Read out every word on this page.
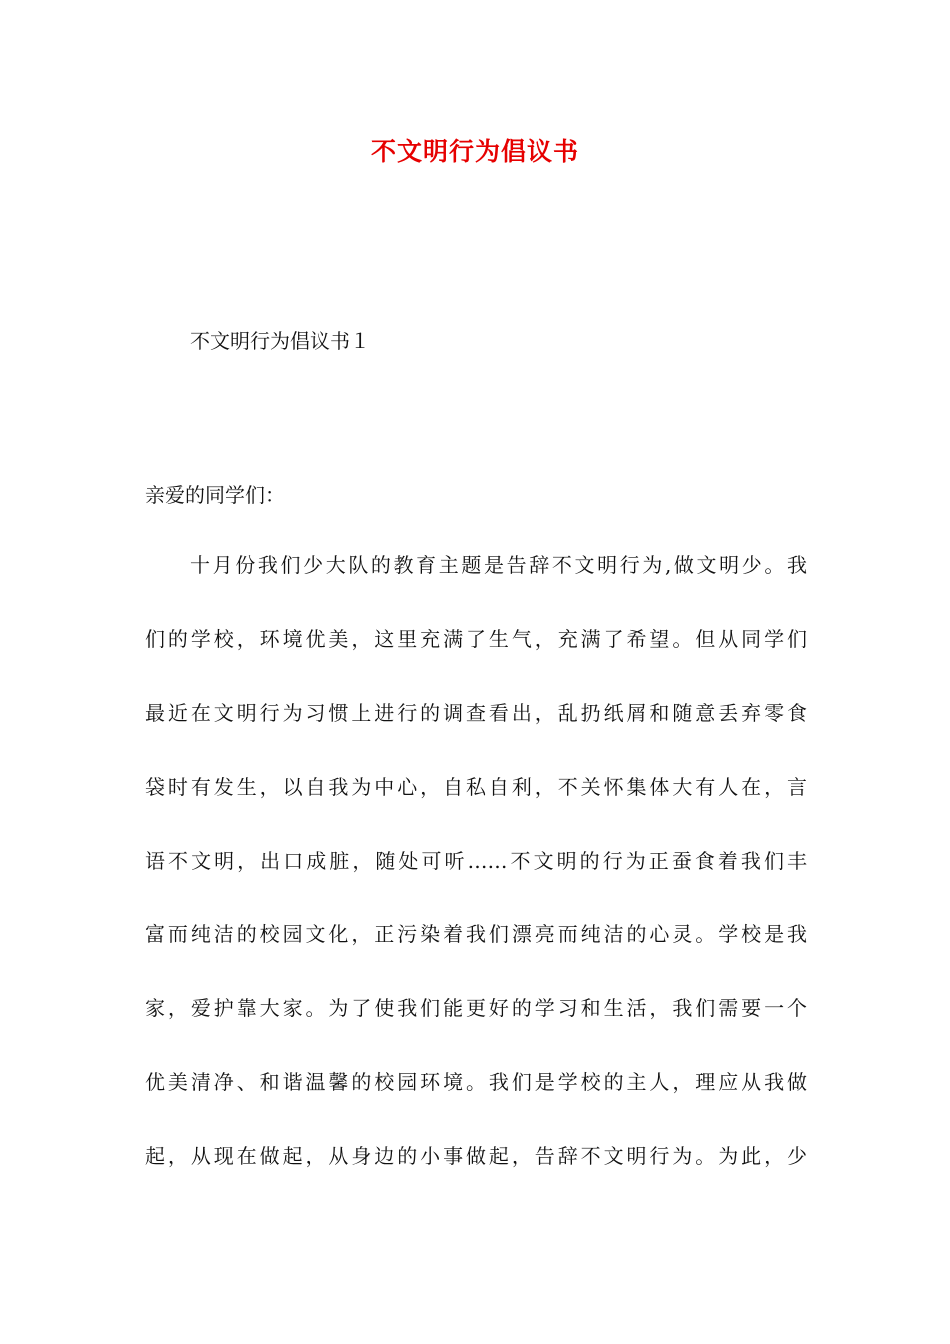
不文明行为倡议书
不文明行为倡议书１
亲爱的同学们：
十月份我们少大队的教育主题是告辞不文明行为,做文明少。我
们的学校，环境优美，这里充满了生气，充满了希望。但从同学们
最近在文明行为习惯上进行的调查看出，乱扔纸屑和随意丢弃零食
袋时有发生，以自我为中心，自私自利，不关怀集体大有人在，言
语不文明，出口成脏，随处可听……不文明的行为正蚕食着我们丰
富而纯洁的校园文化，正污染着我们漂亮而纯洁的心灵。学校是我
家，爱护靠大家。为了使我们能更好的学习和生活，我们需要一个
优美清净、和谐温馨的校园环境。我们是学校的主人，理应从我做
起，从现在做起，从身边的小事做起，告辞不文明行为。为此，少
